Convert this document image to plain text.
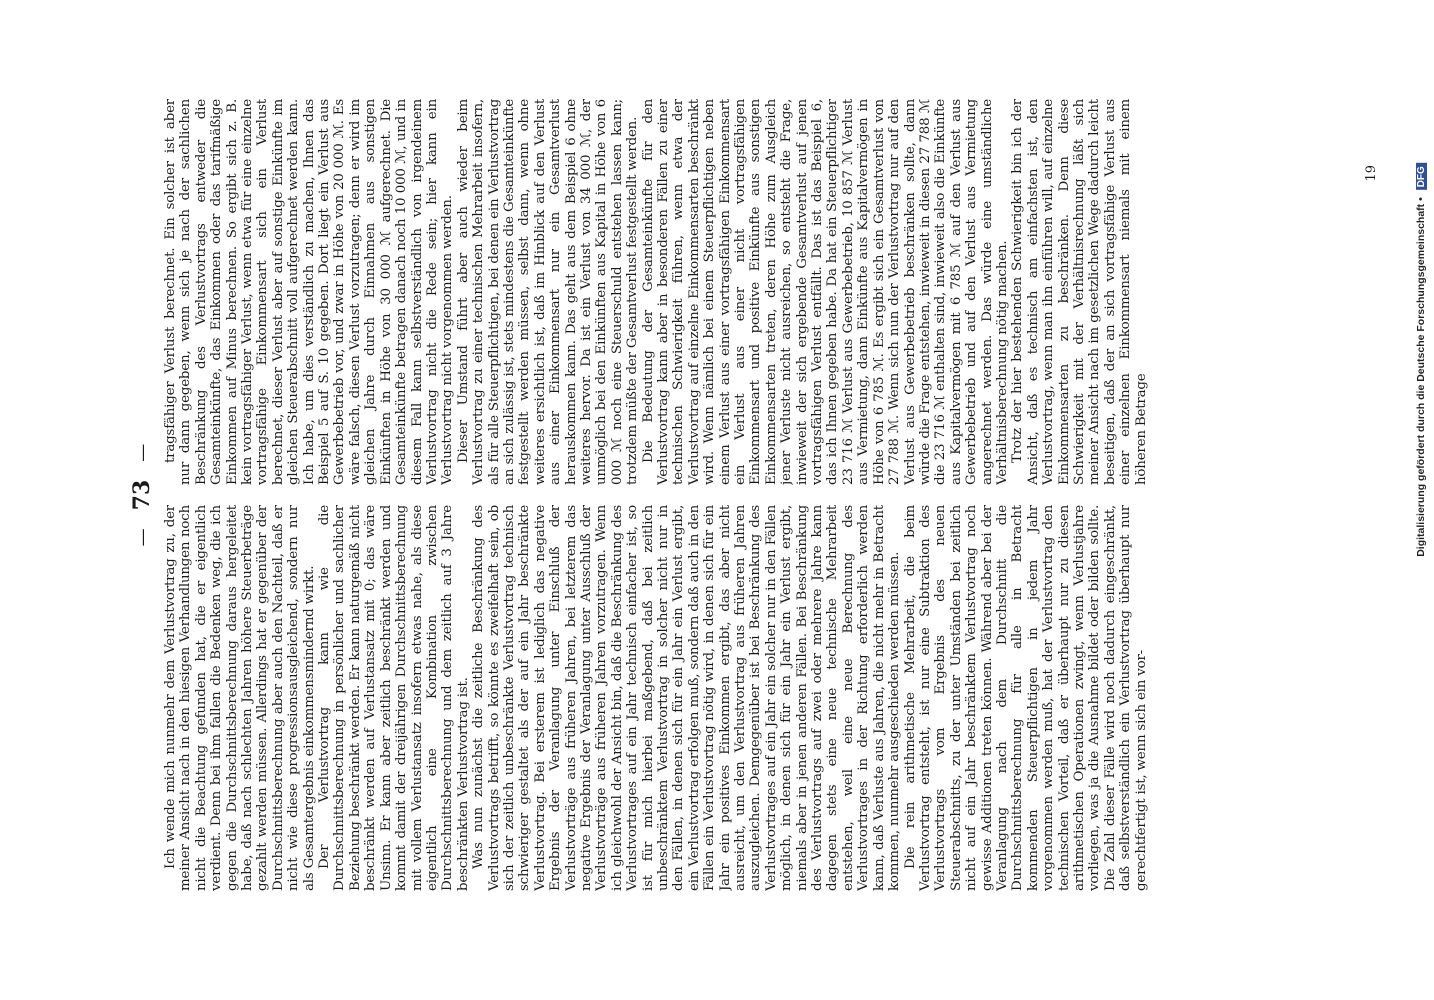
—
73
—

Ich wende mich nunmehr dem Verlustvortrag zu, der meiner Ansicht nach in den hiesigen Verhandlungen noch nicht die Beachtung gefunden hat, die er eigentlich verdient. Denn bei ihm fallen die Bedenken weg, die ich gegen die Durchschnittsberechnung daraus hergeleitet habe, daß nach schlechten Jahren höhere Steuerbeträge gezahlt werden müssen. Allerdings hat er gegenüber der Durchschnittsberechnung aber auch den Nachteil, daß er nicht wie diese progressionsausgleichend, sondern nur als Gesamtergebnis einkommensmindernd wirkt. Der Verlustvortrag kann wie die Durchschnittsberechnung in persönlicher und sachlicher Beziehung beschränkt werden. Er kann naturgemäß nicht beschränkt werden auf Verlustansatz mit 0; das wäre Unsinn. Er kann aber zeitlich beschränkt werden und kommt damit der dreijährigen Durchschnittsberechnung mit vollem Verlustansatz insofern etwas nahe, als diese eigentlich eine Kombination zwischen Durchschnittsberechnung und dem zeitlich auf 3 Jahre beschränkten Verlustvortrag ist. Was nun zunächst die zeitliche Beschränkung des Verlustvortrags betrifft, so könnte es zweifelhaft sein, ob sich der zeitlich unbeschränkte Verlustvortrag technisch schwieriger gestaltet als der auf ein Jahr beschränkte Verlustvortrag. Bei ersterem ist lediglich das negative Ergebnis der Veranlagung unter Einschluß der Verlustvorträge aus früheren Jahren, bei letzterem das negative Ergebnis der Veranlagung unter Ausschluß der Verlustvorträge aus früheren Jahren vorzutragen. Wenn ich gleichwohl der Ansicht bin, daß die Beschränkung des Verlustvortrages auf ein Jahr technisch einfacher ist, so ist für mich hierbei maßgebend, daß bei zeitlich unbeschränktem Verlustvortrag in solcher nicht nur in den Fällen, in denen sich für ein Jahr ein Verlust ergibt, ein Verlustvortrag erfolgen muß, sondern daß auch in den Fällen ein Verlustvortrag nötig wird, in denen sich für ein Jahr ein positives Einkommen ergibt, das aber nicht ausreicht, um den Verlustvortrag aus früheren Jahren auszugleichen. Demgegenüber ist bei Beschränkung des Verlustvortrages auf ein Jahr ein solcher nur in den Fällen möglich, in denen sich für ein Jahr ein Verlust ergibt, niemals aber in jenen anderen Fällen. Bei Beschränkung des Verlustvortrags auf zwei oder mehrere Jahre kann dagegen stets eine neue technische Mehrarbeit entstehen, weil eine neue Berechnung des Verlustvortrages in der Richtung erforderlich werden kann, daß Verluste aus Jahren, die nicht mehr in Betracht kommen, nunmehr ausgeschieden werden müssen. Die rein arithmetische Mehrarbeit, die beim Verlustvortrag entsteht, ist nur eine Subtraktion des Verlustvortrags vom Ergebnis des neuen Steuerabschnitts, zu der unter Umständen bei zeitlich nicht auf ein Jahr beschränktem Verlustvortrag noch gewisse Additionen treten können. Während aber bei der Veranlagung nach dem Durchschnitt die Durchschnittsberechnung für alle in Betracht kommenden Steuerpflichtigen in jedem Jahr vorgenommen werden muß, hat der Verlustvortrag den technischen Vorteil, daß er überhaupt nur zu diesen arithmetischen Operationen zwingt, wenn Verlustjahre vorliegen, was ja die Ausnahme bildet oder bilden sollte. Die Zahl dieser Fälle wird noch dadurch eingeschränkt, daß selbstverständlich ein Verlustvortrag überhaupt nur gerechtfertigt ist, wenn sich ein vor-

tragsfähiger Verlust berechnet. Ein solcher ist aber nur dann gegeben, wenn sich je nach der sachlichen Beschränkung des Verlustvortrags entweder die Gesamteinkünfte, das Einkommen oder das tarifmäßige Einkommen auf Minus berechnen. So ergibt sich z. B. kein vortragsfähiger Verlust, wenn etwa für eine einzelne vortragsfähige Einkommensart sich ein Verlust berechnet, dieser Verlust aber auf sonstige Einkünfte im gleichen Steuerabschnitt voll aufgerechnet werden kann. Ich habe, um dies verständlich zu machen, Ihnen das Beispiel 5 auf S. 10 gegeben. Dort liegt ein Verlust aus Gewerbebetrieb vor, und zwar in Höhe von 20 000 ℳ. Es wäre falsch, diesen Verlust vorzutragen; denn er wird im gleichen Jahre durch Einnahmen aus sonstigen Einkünften in Höhe von 30 000 ℳ aufgerechnet. Die Gesamteinkünfte betragen danach noch 10 000 ℳ, und in diesem Fall kann selbstverständlich von irgendeinem Verlustvortrag nicht die Rede sein; hier kann ein Verlustvortrag nicht vorgenommen werden. Dieser Umstand führt aber auch wieder beim Verlustvortrag zu einer technischen Mehrarbeit insofern, als für alle Steuerpflichtigen, bei denen ein Verlustvortrag an sich zulässig ist, stets mindestens die Gesamteinkünfte festgestellt werden müssen, selbst dann, wenn ohne weiteres ersichtlich ist, daß im Hinblick auf den Verlust aus einer Einkommensart nur ein Gesamtverlust herauskommen kann. Das geht aus dem Beispiel 6 ohne weiteres hervor. Da ist ein Verlust von 34 000 ℳ, der unmöglich bei den Einkünften aus Kapital in Höhe von 6 000 ℳ noch eine Steuerschuld entstehen lassen kann; trotzdem müßte der Gesamtverlust festgestellt werden. Die Bedeutung der Gesamteinkünfte für den Verlustvortrag kann aber in besonderen Fällen zu einer technischen Schwierigkeit führen, wenn etwa der Verlustvortrag auf einzelne Einkommensarten beschränkt wird. Wenn nämlich bei einem Steuerpflichtigen neben einem Verlust aus einer vortragsfähigen Einkommensart ein Verlust aus einer nicht vortragsfähigen Einkommensart und positive Einkünfte aus sonstigen Einkommensarten treten, deren Höhe zum Ausgleich jener Verluste nicht ausreichen, so entsteht die Frage, inwieweit der sich ergebende Gesamtverlust auf jenen vortragsfähigen Verlust entfällt. Das ist das Beispiel 6, das ich Ihnen gegeben habe. Da hat ein Steuerpflichtiger 23 716 ℳ Verlust aus Gewerbebetrieb, 10 857 ℳ Verlust aus Vermietung, dann Einkünfte aus Kapitalvermögen in Höhe von 6 785 ℳ. Es ergibt sich ein Gesamtverlust von 27 788 ℳ. Wenn sich nun der Verlustvortrag nur auf den Verlust aus Gewerbebetrieb beschränken sollte, dann würde die Frage entstehen, inwieweit in diesen 27 788 ℳ die 23 716 ℳ enthalten sind, inwieweit also die Einkünfte aus Kapitalvermögen mit 6 785 ℳ auf den Verlust aus Gewerbebetrieb und auf den Verlust aus Vermietung angerechnet werden. Das würde eine umständliche Verhältnisberechnung nötig machen. Trotz der hier bestehenden Schwierigkeit bin ich der Ansicht, daß es technisch am einfachsten ist, den Verlustvortrag, wenn man ihn einführen will, auf einzelne Einkommensarten zu beschränken. Denn diese Schwierigkeit mit der Verhältnisrechnung läßt sich meiner Ansicht nach im gesetzlichen Wege dadurch leicht beseitigen, daß der an sich vortragsfähige Verlust aus einer einzelnen Einkommensart niemals mit einem höheren Betrage

19
Digitalisierung gefördert durch die Deutsche Forschungsgemeinschaft • DFG
